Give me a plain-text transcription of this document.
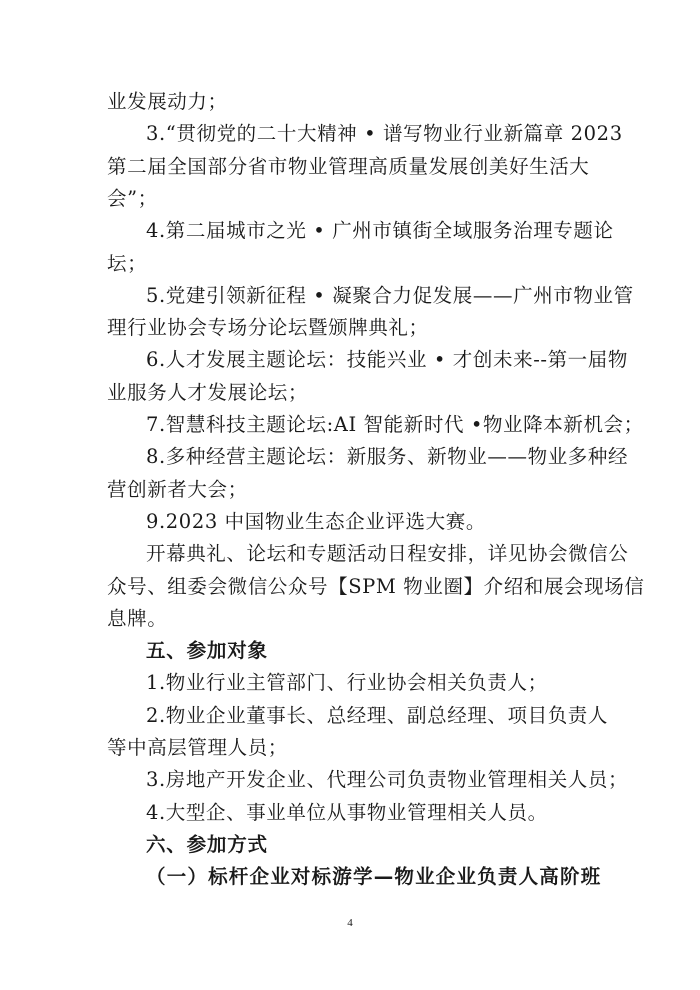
业发展动力；
3.“贯彻党的二十大精神 • 谱写物业行业新篇章 2023
第二届全国部分省市物业管理高质量发展创美好生活大
会”；
4.第二届城市之光 • 广州市镇街全域服务治理专题论
坛；
5.党建引领新征程 • 凝聚合力促发展——广州市物业管
理行业协会专场分论坛暨颁牌典礼；
6.人才发展主题论坛：技能兴业 • 才创未来--第一届物
业服务人才发展论坛；
7.智慧科技主题论坛:AI 智能新时代 •物业降本新机会；
8.多种经营主题论坛：新服务、新物业——物业多种经
营创新者大会；
9.2023 中国物业生态企业评选大赛。
开幕典礼、论坛和专题活动日程安排，详见协会微信公
众号、组委会微信公众号【SPM 物业圈】介绍和展会现场信
息牌。
五、参加对象
1.物业行业主管部门、行业协会相关负责人；
2.物业企业董事长、总经理、副总经理、项目负责人
等中高层管理人员；
3.房地产开发企业、代理公司负责物业管理相关人员；
4.大型企、事业单位从事物业管理相关人员。
六、参加方式
（一）标杆企业对标游学—物业企业负责人高阶班
4
